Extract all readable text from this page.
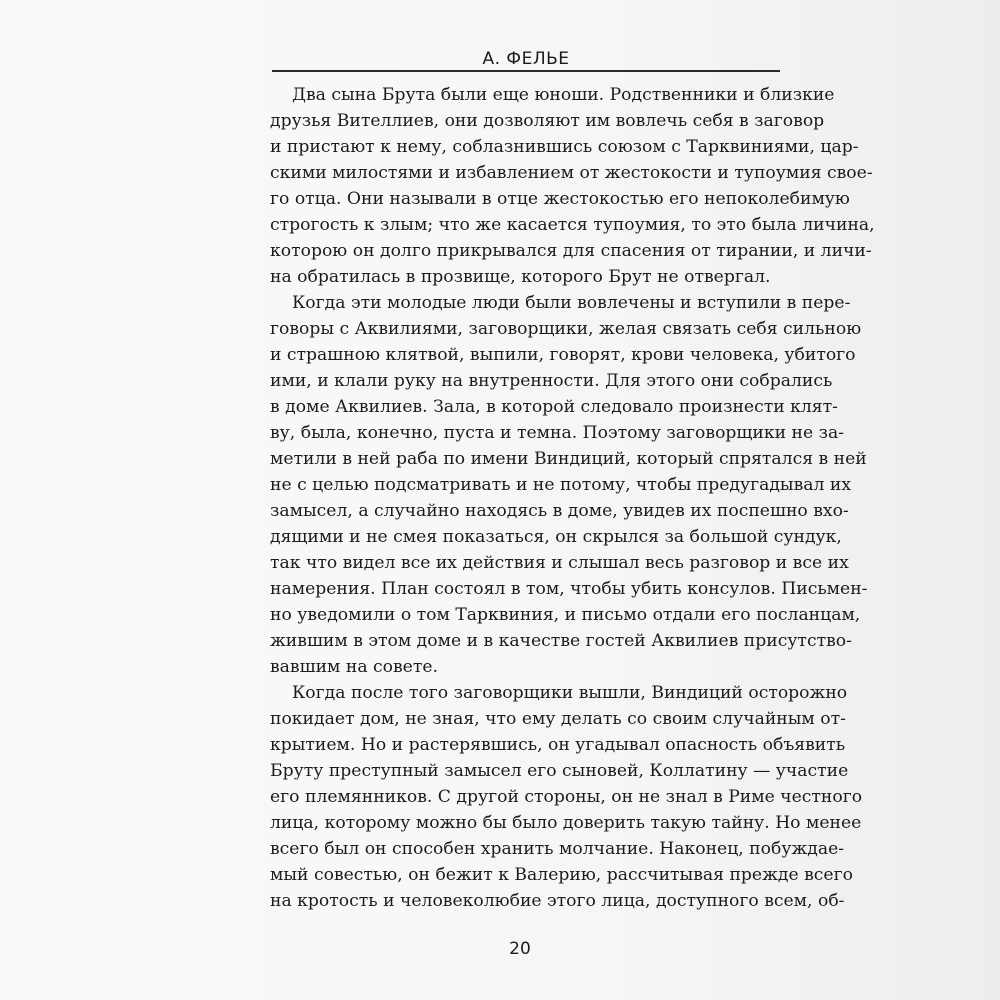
А. ФЕЛЬЕ
Два сына Брута были еще юноши. Родственники и близкие
друзья Вителлиев, они дозволяют им вовлечь себя в заговор
и пристают к нему, соблазнившись союзом с Тарквиниями, цар-
скими милостями и избавлением от жестокости и тупоумия свое-
го отца. Они называли в отце жестокостью его непоколебимую
строгость к злым; что же касается тупоумия, то это была личина,
которою он долго прикрывался для спасения от тирании, и личи-
на обратилась в прозвище, которого Брут не отвергал.
Когда эти молодые люди были вовлечены и вступили в пере-
говоры с Аквилиями, заговорщики, желая связать себя сильною
и страшною клятвой, выпили, говорят, крови человека, убитого
ими, и клали руку на внутренности. Для этого они собрались
в доме Аквилиев. Зала, в которой следовало произнести клят-
ву, была, конечно, пуста и темна. Поэтому заговорщики не за-
метили в ней раба по имени Виндиций, который спрятался в ней
не с целью подсматривать и не потому, чтобы предугадывал их
замысел, а случайно находясь в доме, увидев их поспешно вхо-
дящими и не смея показаться, он скрылся за большой сундук,
так что видел все их действия и слышал весь разговор и все их
намерения. План состоял в том, чтобы убить консулов. Письмен-
но уведомили о том Тарквиния, и письмо отдали его посланцам,
жившим в этом доме и в качестве гостей Аквилиев присутство-
вавшим на совете.
Когда после того заговорщики вышли, Виндиций осторожно
покидает дом, не зная, что ему делать со своим случайным от-
крытием. Но и растерявшись, он угадывал опасность объявить
Бруту преступный замысел его сыновей, Коллатину — участие
его племянников. С другой стороны, он не знал в Риме честного
лица, которому можно бы было доверить такую тайну. Но менее
всего был он способен хранить молчание. Наконец, побуждае-
мый совестью, он бежит к Валерию, рассчитывая прежде всего
на кротость и человеколюбие этого лица, доступного всем, об-
20
